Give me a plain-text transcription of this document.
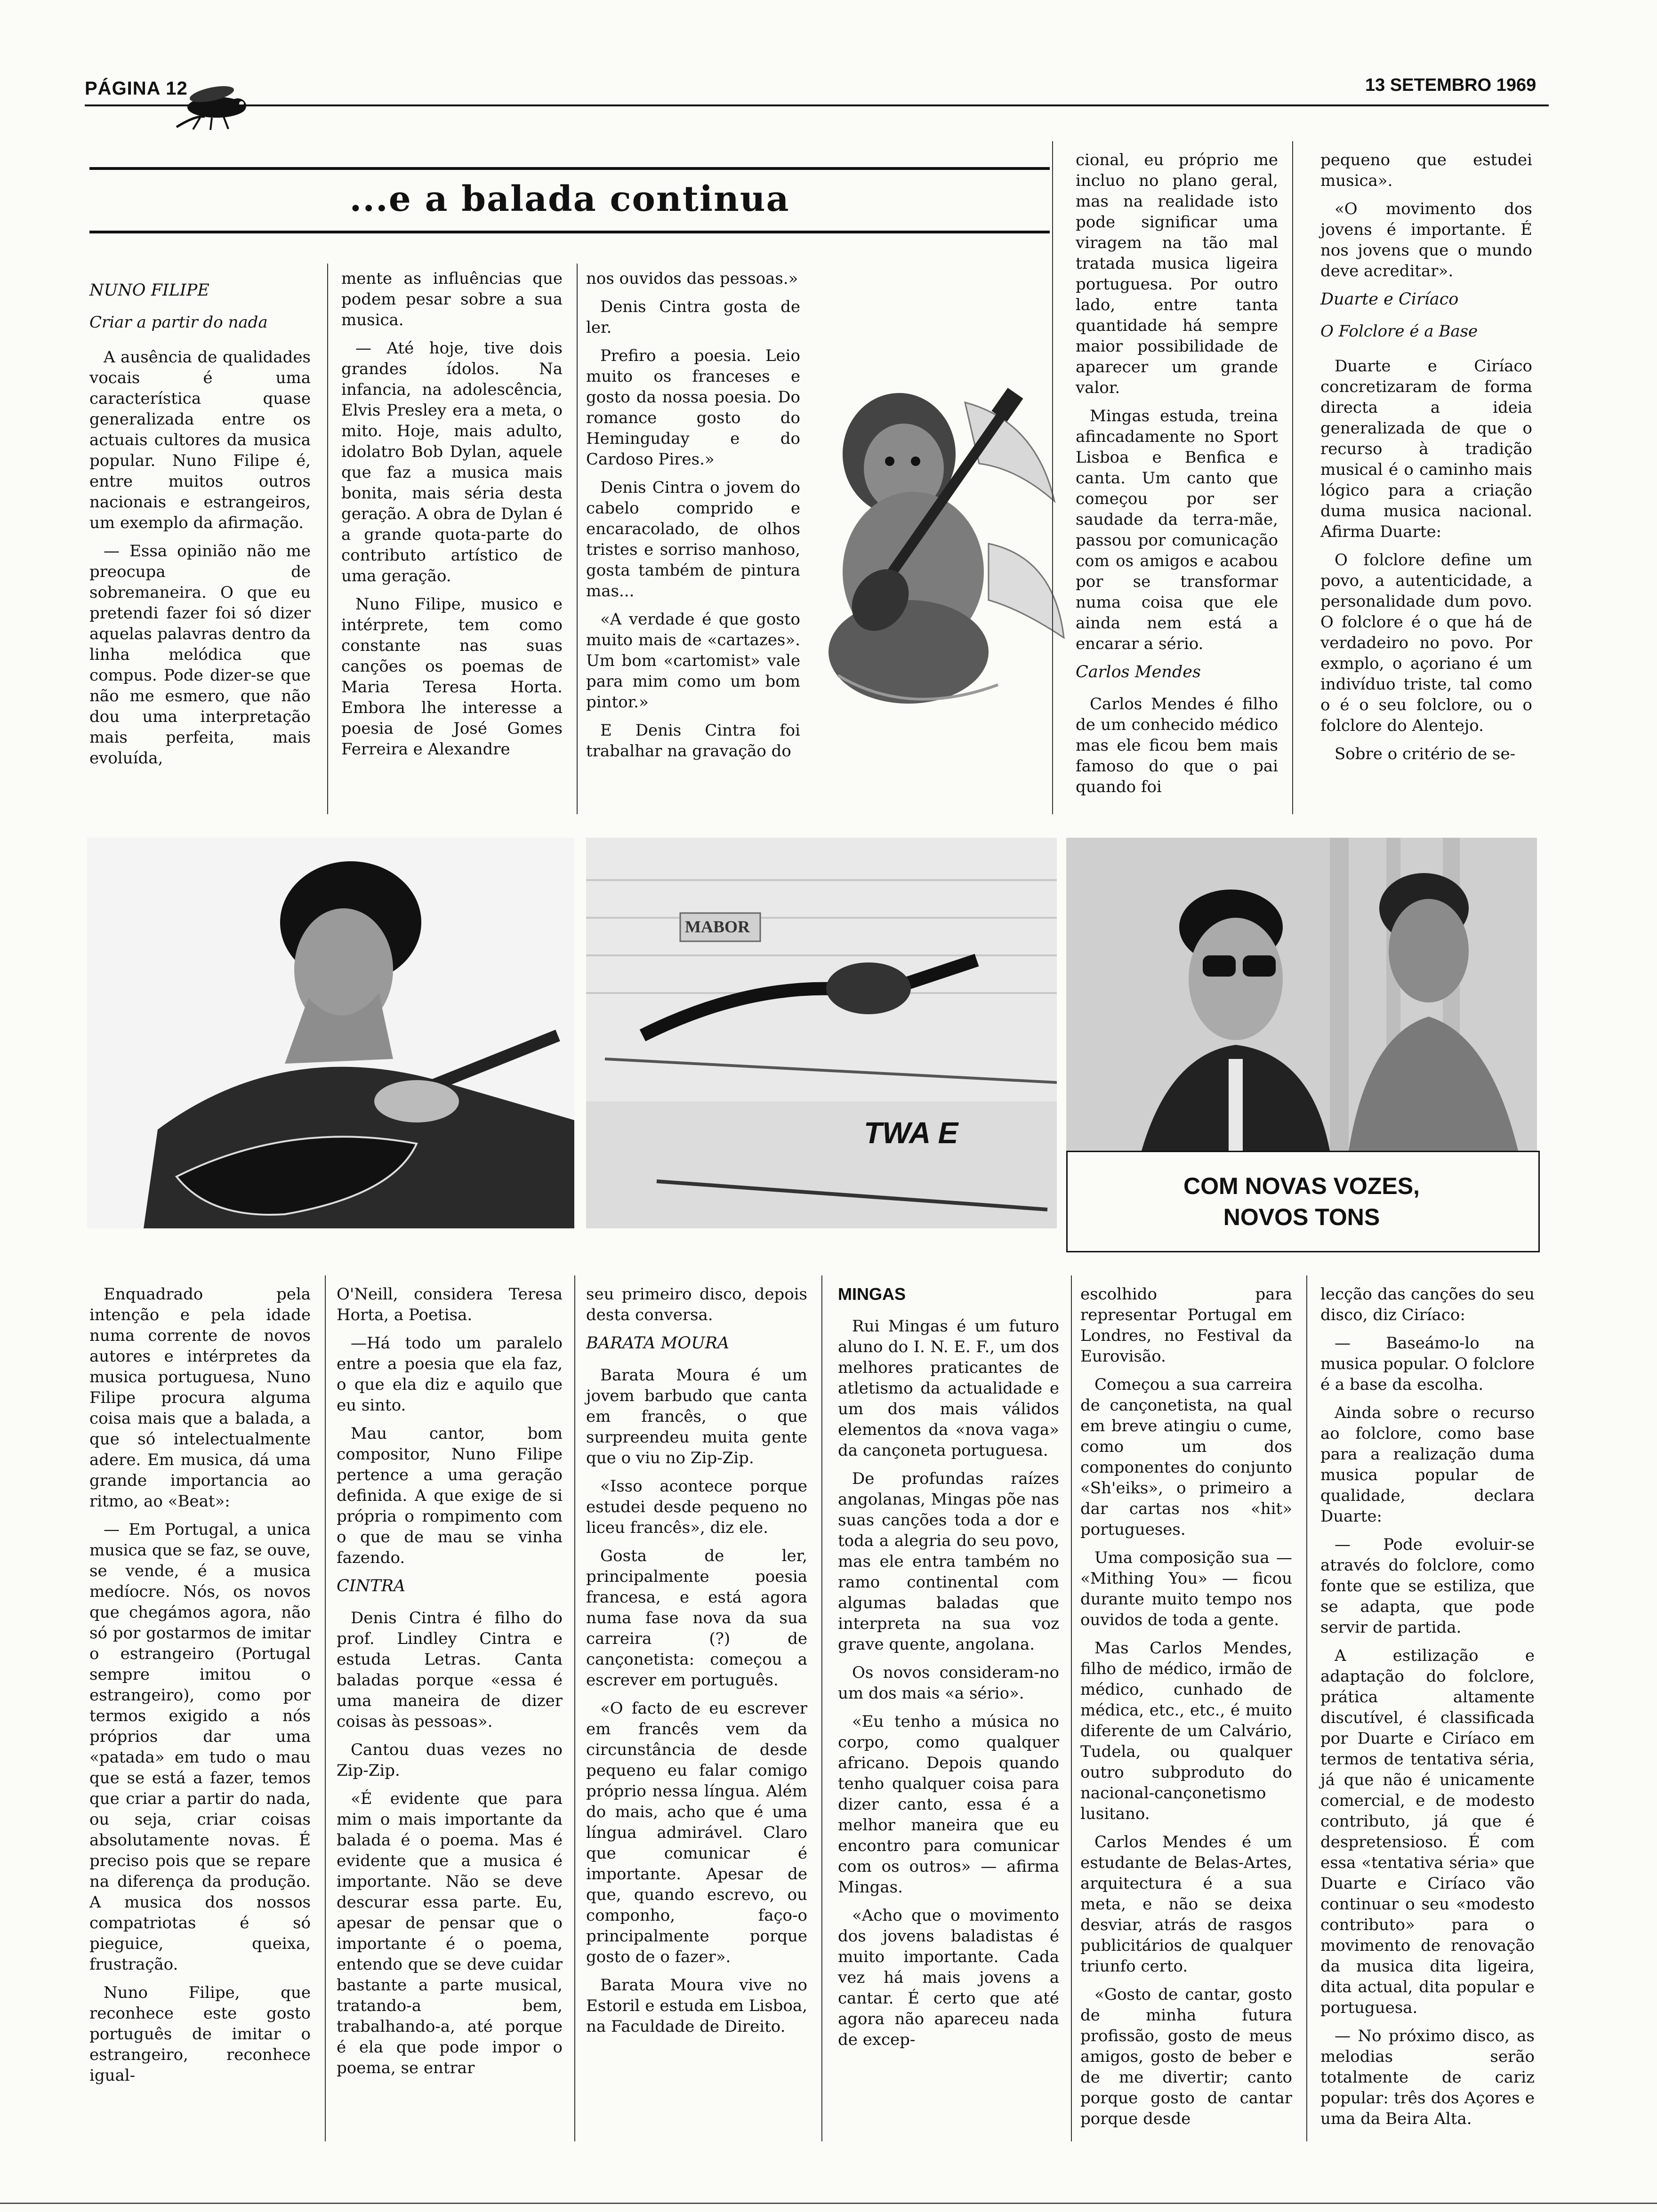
PÁGINA 12	13 SETEMBRO 1969
...e a balada continua
NUNO FILIPE
Criar a partir do nada

A ausência de qualidades vocais é uma característica quase generalizada entre os actuais cultores da musica popular. Nuno Filipe é, entre muitos outros nacionais e estrangeiros, um exemplo da afirmação.

— Essa opinião não me preocupa de sobremaneira. O que eu pretendi fazer foi só dizer aquelas palavras dentro da linha melódica que compus. Pode dizer-se que não me esmero, que não dou uma interpretação mais perfeita, mais evoluída,

mente as influências que podem pesar sobre a sua musica.

— Até hoje, tive dois grandes ídolos. Na infancia, na adolescência, Elvis Presley era a meta, o mito. Hoje, mais adulto, idolatro Bob Dylan, aquele que faz a musica mais bonita, mais séria desta geração. A obra de Dylan é a grande quota-parte do contributo artístico de uma geração.

Nuno Filipe, musico e intérprete, tem como constante nas suas canções os poemas de Maria Teresa Horta. Embora lhe interesse a poesia de José Gomes Ferreira e Alexandre

nos ouvidos das pessoas.»

Denis Cintra gosta de ler.

Prefiro a poesia. Leio muito os franceses e gosto da nossa poesia. Do romance gosto do Heminguday e do Cardoso Pires.»

Denis Cintra o jovem do cabelo comprido e encaracolado, de olhos tristes e sorriso manhoso, gosta também de pintura mas...

«A verdade é que gosto muito mais de «cartazes». Um bom «cartomist» vale para mim como um bom pintor.»

E Denis Cintra foi trabalhar na gravação do

cional, eu próprio me incluo no plano geral, mas na realidade isto pode significar uma viragem na tão mal tratada musica ligeira portuguesa. Por outro lado, entre tanta quantidade há sempre maior possibilidade de aparecer um grande valor.

Mingas estuda, treina afincadamente no Sport Lisboa e Benfica e canta. Um canto que começou por ser saudade da terra-mãe, passou por comunicação com os amigos e acabou por se transformar numa coisa que ele ainda nem está a encarar a sério.

Carlos Mendes

Carlos Mendes é filho de um conhecido médico mas ele ficou bem mais famoso do que o pai quando foi

pequeno que estudei musica».

«O movimento dos jovens é importante. É nos jovens que o mundo deve acreditar».

Duarte e Ciríaco
O Folclore é a Base

Duarte e Ciríaco concretizaram de forma directa a ideia generalizada de que o recurso à tradição musical é o caminho mais lógico para a criação duma musica nacional. Afirma Duarte:

O folclore define um povo, a autenticidade, a personalidade dum povo. O folclore é o que há de verdadeiro no povo. Por exmplo, o açoriano é um indivíduo triste, tal como o é o seu folclore, ou o folclore do Alentejo.

Sobre o critério de se-

MABOR
TWA E
COM NOVAS VOZES,
NOVOS TONS

Enquadrado pela intenção e pela idade numa corrente de novos autores e intérpretes da musica portuguesa, Nuno Filipe procura alguma coisa mais que a balada, a que só intelectualmente adere. Em musica, dá uma grande importancia ao ritmo, ao «Beat»:

— Em Portugal, a unica musica que se faz, se ouve, se vende, é a musica medíocre. Nós, os novos que chegámos agora, não só por gostarmos de imitar o estrangeiro (Portugal sempre imitou o estrangeiro), como por termos exigido a nós próprios dar uma «patada» em tudo o mau que se está a fazer, temos que criar a partir do nada, ou seja, criar coisas absolutamente novas. É preciso pois que se repare na diferença da produção. A musica dos nossos compatriotas é só pieguice, queixa, frustração.

Nuno Filipe, que reconhece este gosto português de imitar o estrangeiro, reconhece igual-

O'Neill, considera Teresa Horta, a Poetisa.

—Há todo um paralelo entre a poesia que ela faz, o que ela diz e aquilo que eu sinto.

Mau cantor, bom compositor, Nuno Filipe pertence a uma geração definida. A que exige de si própria o rompimento com o que de mau se vinha fazendo.

CINTRA

Denis Cintra é filho do prof. Lindley Cintra e estuda Letras. Canta baladas porque «essa é uma maneira de dizer coisas às pessoas».

Cantou duas vezes no Zip-Zip.

«É evidente que para mim o mais importante da balada é o poema. Mas é evidente que a musica é importante. Não se deve descurar essa parte. Eu, apesar de pensar que o importante é o poema, entendo que se deve cuidar bastante a parte musical, tratando-a bem, trabalhando-a, até porque é ela que pode impor o poema, se entrar

seu primeiro disco, depois desta conversa.

BARATA MOURA

Barata Moura é um jovem barbudo que canta em francês, o que surpreendeu muita gente que o viu no Zip-Zip.

«Isso acontece porque estudei desde pequeno no liceu francês», diz ele.

Gosta de ler, principalmente poesia francesa, e está agora numa fase nova da sua carreira (?) de cançonetista: começou a escrever em português.

«O facto de eu escrever em francês vem da circunstância de desde pequeno eu falar comigo próprio nessa língua. Além do mais, acho que é uma língua admirável. Claro que comunicar é importante. Apesar de que, quando escrevo, ou componho, faço-o principalmente porque gosto de o fazer».

Barata Moura vive no Estoril e estuda em Lisboa, na Faculdade de Direito.

MINGAS

Rui Mingas é um futuro aluno do I. N. E. F., um dos melhores praticantes de atletismo da actualidade e um dos mais válidos elementos da «nova vaga» da cançoneta portuguesa.

De profundas raízes angolanas, Mingas põe nas suas canções toda a dor e toda a alegria do seu povo, mas ele entra também no ramo continental com algumas baladas que interpreta na sua voz grave quente, angolana.

Os novos consideram-no um dos mais «a sério».

«Eu tenho a música no corpo, como qualquer africano. Depois quando tenho qualquer coisa para dizer canto, essa é a melhor maneira que eu encontro para comunicar com os outros» — afirma Mingas.

«Acho que o movimento dos jovens baladistas é muito importante. Cada vez há mais jovens a cantar. É certo que até agora não apareceu nada de excep-

escolhido para representar Portugal em Londres, no Festival da Eurovisão.

Começou a sua carreira de cançonetista, na qual em breve atingiu o cume, como um dos componentes do conjunto «Sh'eiks», o primeiro a dar cartas nos «hit» portugueses.

Uma composição sua — «Mithing You» — ficou durante muito tempo nos ouvidos de toda a gente.

Mas Carlos Mendes, filho de médico, irmão de médico, cunhado de médica, etc., etc., é muito diferente de um Calvário, Tudela, ou qualquer outro subproduto do nacional-cançonetismo lusitano.

Carlos Mendes é um estudante de Belas-Artes, arquitectura é a sua meta, e não se deixa desviar, atrás de rasgos publicitários de qualquer triunfo certo.

«Gosto de cantar, gosto de minha futura profissão, gosto de meus amigos, gosto de beber e de me divertir; canto porque gosto de cantar porque desde

lecção das canções do seu disco, diz Ciríaco:

— Baseámo-lo na musica popular. O folclore é a base da escolha.

Ainda sobre o recurso ao folclore, como base para a realização duma musica popular de qualidade, declara Duarte:

— Pode evoluir-se através do folclore, como fonte que se estiliza, que se adapta, que pode servir de partida.

A estilização e adaptação do folclore, prática altamente discutível, é classificada por Duarte e Ciríaco em termos de tentativa séria, já que não é unicamente comercial, e de modesto contributo, já que é despretensioso. É com essa «tentativa séria» que Duarte e Ciríaco vão continuar o seu «modesto contributo» para o movimento de renovação da musica dita ligeira, dita actual, dita popular e portuguesa.

— No próximo disco, as melodias serão totalmente de cariz popular: três dos Açores e uma da Beira Alta.
